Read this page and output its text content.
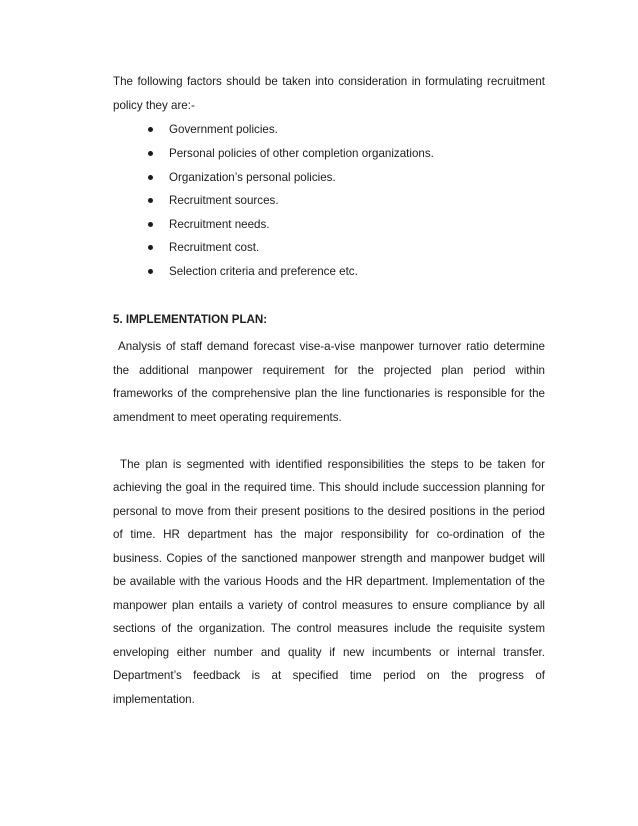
The following factors should be taken into consideration in formulating recruitment
policy they are:-
Government policies.
Personal policies of other completion organizations.
Organization’s personal policies.
Recruitment sources.
Recruitment needs.
Recruitment cost.
Selection criteria and preference etc.
5. IMPLEMENTATION PLAN:
Analysis of staff demand forecast vise-a-vise manpower turnover ratio determine
the additional manpower requirement for the projected plan period within
frameworks of the comprehensive plan the line functionaries is responsible for the
amendment to meet operating requirements.
The plan is segmented with identified responsibilities the steps to be taken for
achieving the goal in the required time. This should include succession planning for
personal to move from their present positions to the desired positions in the period
of time. HR department has the major responsibility for co-ordination of the
business. Copies of the sanctioned manpower strength and manpower budget will
be available with the various Hoods and the HR department. Implementation of the
manpower plan entails a variety of control measures to ensure compliance by all
sections of the organization. The control measures include the requisite system
enveloping either number and quality if new incumbents or internal transfer.
Department’s feedback is at specified time period on the progress of
implementation.
